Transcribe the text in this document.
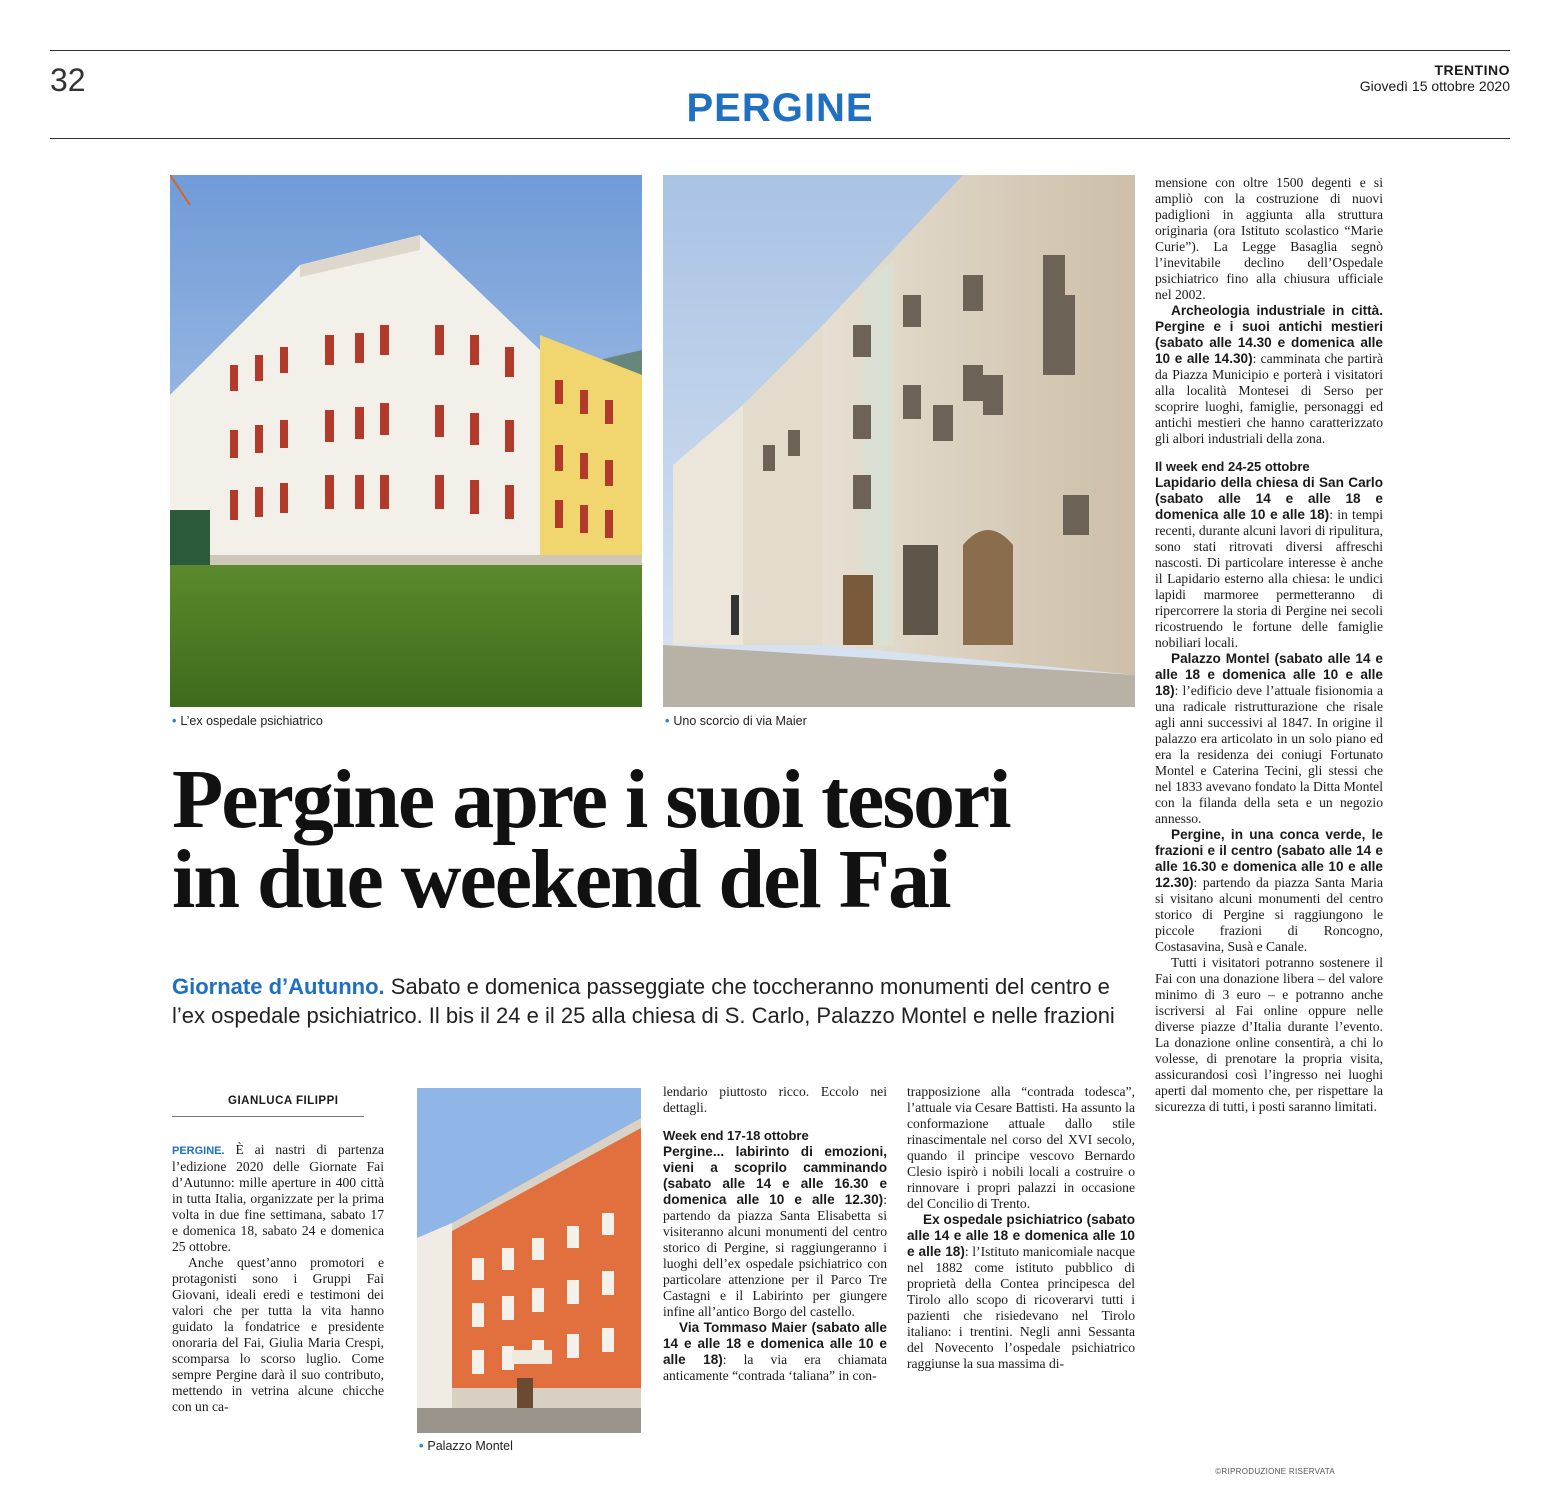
32	TRENTINO
Giovedì 15 ottobre 2020
PERGINE
• L’ex ospedale psichiatrico	• Uno scorcio di via Maier
Pergine apre i suoi tesori
in due weekend del Fai
Giornate d’Autunno. Sabato e domenica passeggiate che toccheranno monumenti del centro e l’ex ospedale psichiatrico. Il bis il 24 e il 25 alla chiesa di S. Carlo, Palazzo Montel e nelle frazioni
GIANLUCA FILIPPI

PERGINE. È ai nastri di partenza l’edizione 2020 delle Giornate Fai d’Autunno: mille aperture in 400 città in tutta Italia, organizzate per la prima volta in due fine settimana, sabato 17 e domenica 18, sabato 24 e domenica 25 ottobre.

Anche quest’anno promotori e protagonisti sono i Gruppi Fai Giovani, ideali eredi e testimoni dei valori che per tutta la vita hanno guidato la fondatrice e presidente onoraria del Fai, Giulia Maria Crespi, scomparsa lo scorso luglio. Come sempre Pergine darà il suo contributo, mettendo in vetrina alcune chicche con un ca-

• Palazzo Montel

lendario piuttosto ricco. Eccolo nei dettagli.

Week end 17-18 ottobre

Pergine... labirinto di emozioni, vieni a scoprilo camminando (sabato alle 14 e alle 16.30 e domenica alle 10 e alle 12.30): partendo da piazza Santa Elisabetta si visiteranno alcuni monumenti del centro storico di Pergine, si raggiungeranno i luoghi dell’ex ospedale psichiatrico con particolare attenzione per il Parco Tre Castagni e il Labirinto per giungere infine all’antico Borgo del castello.

Via Tommaso Maier (sabato alle 14 e alle 18 e domenica alle 10 e alle 18): la via era chiamata anticamente “contrada ‘taliana” in con-

trapposizione alla “contrada todesca”, l’attuale via Cesare Battisti. Ha assunto la conformazione attuale dallo stile rinascimentale nel corso del XVI secolo, quando il principe vescovo Bernardo Clesio ispirò i nobili locali a costruire o rinnovare i propri palazzi in occasione del Concilio di Trento.

Ex ospedale psichiatrico (sabato alle 14 e alle 18 e domenica alle 10 e alle 18): l’Istituto manicomiale nacque nel 1882 come istituto pubblico di proprietà della Contea principesca del Tirolo allo scopo di ricoverarvi tutti i pazienti che risiedevano nel Tirolo italiano: i trentini. Negli anni Sessanta del Novecento l’ospedale psichiatrico raggiunse la sua massima di-

mensione con oltre 1500 degenti e si ampliò con la costruzione di nuovi padiglioni in aggiunta alla struttura originaria (ora Istituto scolastico “Marie Curie”). La Legge Basaglia segnò l’inevitabile declino dell’Ospedale psichiatrico fino alla chiusura ufficiale nel 2002.

Archeologia industriale in città. Pergine e i suoi antichi mestieri (sabato alle 14.30 e domenica alle 10 e alle 14.30): camminata che partirà da Piazza Municipio e porterà i visitatori alla località Montesei di Serso per scoprire luoghi, famiglie, personaggi ed antichi mestieri che hanno caratterizzato gli albori industriali della zona.

Il week end 24-25 ottobre

Lapidario della chiesa di San Carlo (sabato alle 14 e alle 18 e domenica alle 10 e alle 18): in tempi recenti, durante alcuni lavori di ripulitura, sono stati ritrovati diversi affreschi nascosti. Di particolare interesse è anche il Lapidario esterno alla chiesa: le undici lapidi marmoree permetteranno di ripercorrere la storia di Pergine nei secoli ricostruendo le fortune delle famiglie nobiliari locali.

Palazzo Montel (sabato alle 14 e alle 18 e domenica alle 10 e alle 18): l’edificio deve l’attuale fisionomia a una radicale ristrutturazione che risale agli anni successivi al 1847. In origine il palazzo era articolato in un solo piano ed era la residenza dei coniugi Fortunato Montel e Caterina Tecini, gli stessi che nel 1833 avevano fondato la Ditta Montel con la filanda della seta e un negozio annesso.

Pergine, in una conca verde, le frazioni e il centro (sabato alle 14 e alle 16.30 e domenica alle 10 e alle 12.30): partendo da piazza Santa Maria si visitano alcuni monumenti del centro storico di Pergine si raggiungono le piccole frazioni di Roncogno, Costasavina, Susà e Canale.

Tutti i visitatori potranno sostenere il Fai con una donazione libera – del valore minimo di 3 euro – e potranno anche iscriversi al Fai online oppure nelle diverse piazze d’Italia durante l’evento. La donazione online consentirà, a chi lo volesse, di prenotare la propria visita, assicurandosi così l’ingresso nei luoghi aperti dal momento che, per rispettare la sicurezza di tutti, i posti saranno limitati.

©RIPRODUZIONE RISERVATA
